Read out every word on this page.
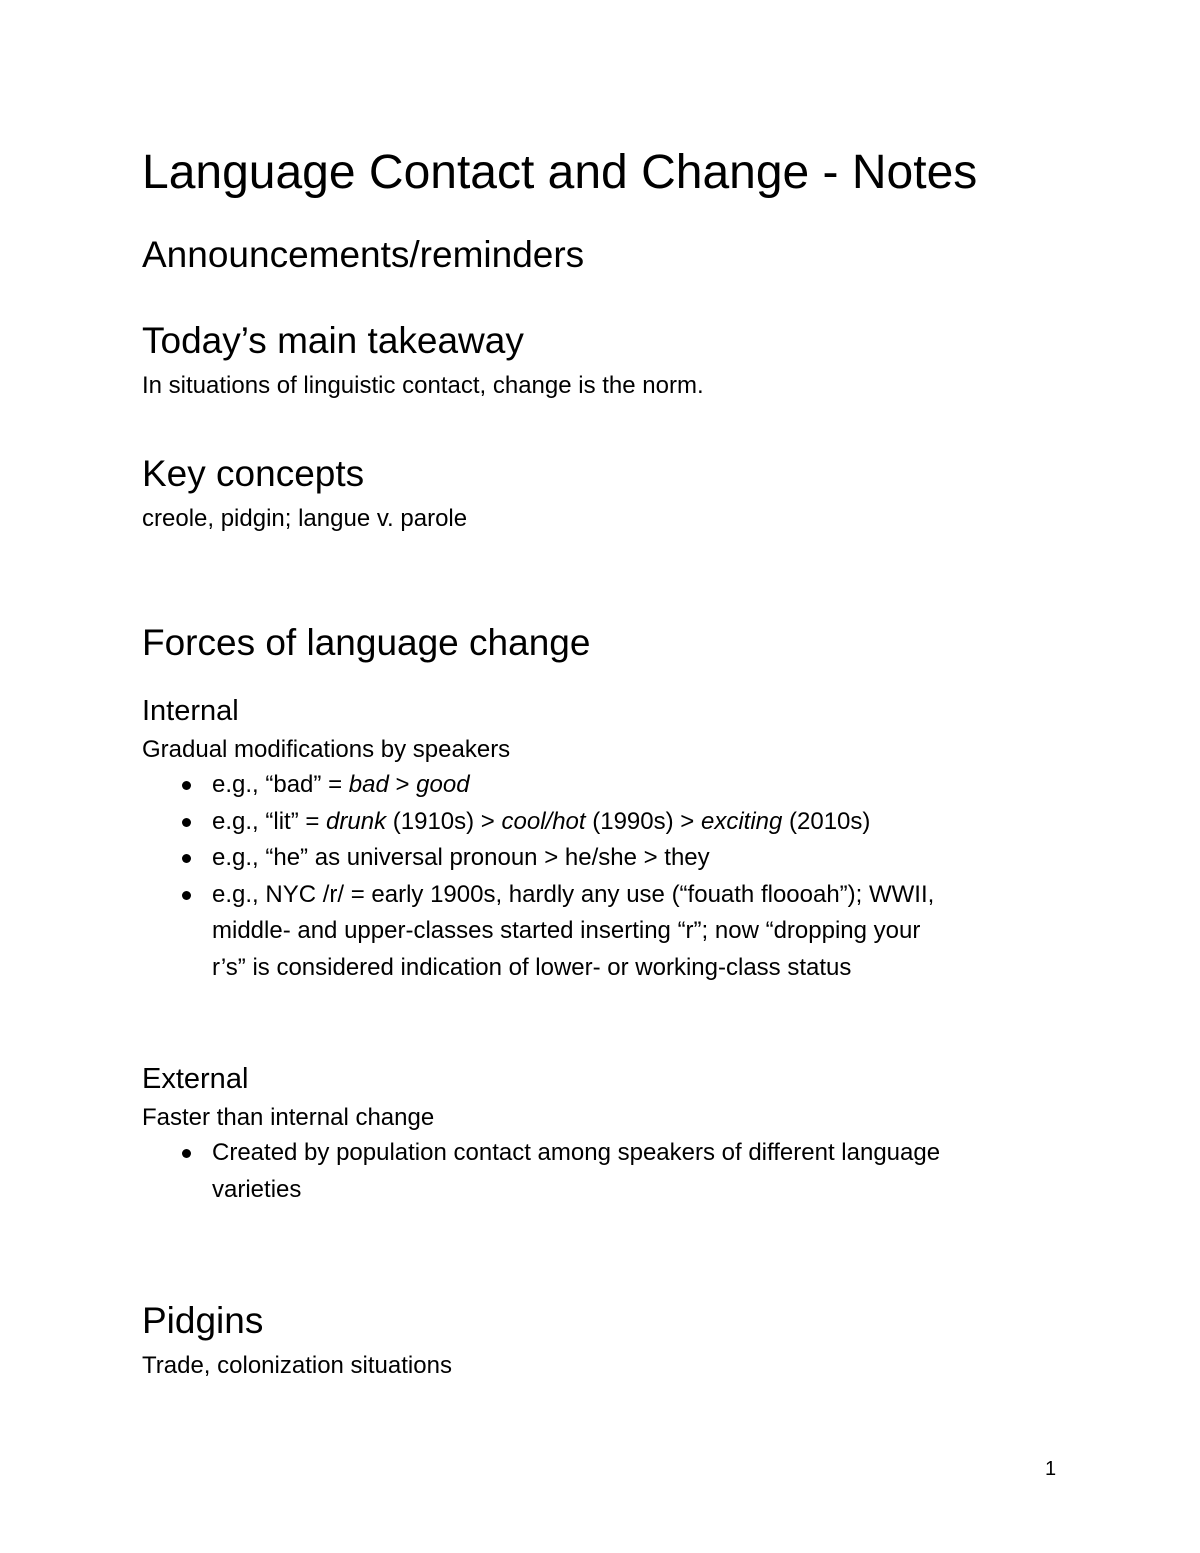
Language Contact and Change - Notes
Announcements/reminders
Today’s main takeaway

In situations of linguistic contact, change is the norm.

Key concepts

creole, pidgin; langue v. parole

Forces of language change
Internal

Gradual modifications by speakers

e.g., “bad” = bad > good
e.g., “lit” = drunk (1910s) > cool/hot (1990s) > exciting (2010s)
e.g., “he” as universal pronoun > he/she > they
e.g., NYC /r/ = early 1900s, hardly any use (“fouath floooah”); WWII,
middle- and upper-classes started inserting “r”; now “dropping your
r’s” is considered indication of lower- or working-class status
External

Faster than internal change

Created by population contact among speakers of different language
varieties
Pidgins

Trade, colonization situations

1
